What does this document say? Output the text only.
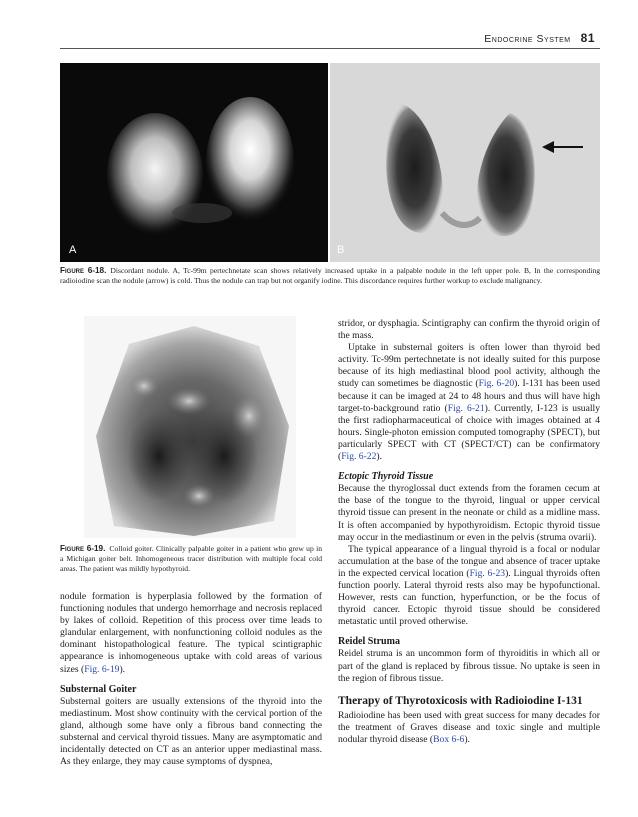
Endocrine System 81
A	B
Figure 6-18. Discordant nodule. A, Tc-99m pertechnetate scan shows relatively increased uptake in a palpable nodule in the left upper pole. B, In the corresponding radioiodine scan the nodule (arrow) is cold. Thus the nodule can trap but not organify iodine. This discordance requires further workup to exclude malignancy.
Figure 6-19. Colloid goiter. Clinically palpable goiter in a patient who grew up in a Michigan goiter belt. Inhomogeneous tracer distribution with multiple focal cold areas. The patient was mildly hypothyroid.

nodule formation is hyperplasia followed by the formation of functioning nodules that undergo hemorrhage and necrosis replaced by lakes of colloid. Repetition of this process over time leads to glandular enlargement, with nonfunctioning colloid nodules as the dominant histopathological feature. The typical scintigraphic appearance is inhomogeneous uptake with cold areas of various sizes (Fig. 6-19).

Substernal Goiter

Substernal goiters are usually extensions of the thyroid into the mediastinum. Most show continuity with the cervical portion of the gland, although some have only a fibrous band connecting the substernal and cervical thyroid tissues. Many are asymptomatic and incidentally detected on CT as an anterior upper mediastinal mass. As they enlarge, they may cause symptoms of dyspnea,

stridor, or dysphagia. Scintigraphy can confirm the thyroid origin of the mass.

Uptake in substernal goiters is often lower than thyroid bed activity. Tc-99m pertechnetate is not ideally suited for this purpose because of its high mediastinal blood pool activity, although the study can sometimes be diagnostic (Fig. 6-20). I-131 has been used because it can be imaged at 24 to 48 hours and thus will have high target-to-background ratio (Fig. 6-21). Currently, I-123 is usually the first radiopharmaceutical of choice with images obtained at 4 hours. Single-photon emission computed tomography (SPECT), but particularly SPECT with CT (SPECT/CT) can be confirmatory (Fig. 6-22).

Ectopic Thyroid Tissue

Because the thyroglossal duct extends from the foramen cecum at the base of the tongue to the thyroid, lingual or upper cervical thyroid tissue can present in the neonate or child as a midline mass. It is often accompanied by hypothyroidism. Ectopic thyroid tissue may occur in the mediastinum or even in the pelvis (struma ovarii).

The typical appearance of a lingual thyroid is a focal or nodular accumulation at the base of the tongue and absence of tracer uptake in the expected cervical location (Fig. 6-23). Lingual thyroids often function poorly. Lateral thyroid rests also may be hypofunctional. However, rests can function, hyperfunction, or be the focus of thyroid cancer. Ectopic thyroid tissue should be considered metastatic until proved otherwise.

Reidel Struma

Reidel struma is an uncommon form of thyroiditis in which all or part of the gland is replaced by fibrous tissue. No uptake is seen in the region of fibrous tissue.

Therapy of Thyrotoxicosis with Radioiodine I-131

Radioiodine has been used with great success for many decades for the treatment of Graves disease and toxic single and multiple nodular thyroid disease (Box 6-6).
